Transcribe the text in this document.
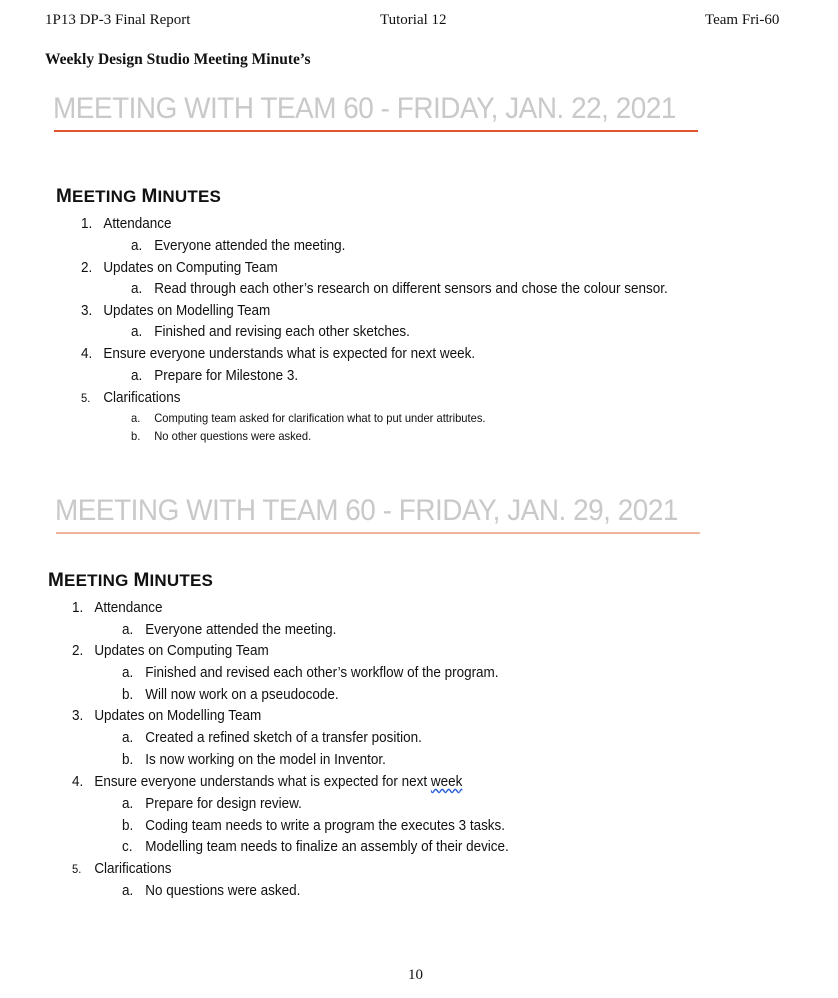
1P13 DP-3 Final Report	Tutorial 12	Team Fri-60
Weekly Design Studio Meeting Minute’s
MEETING WITH TEAM 60 - FRIDAY, JAN. 22, 2021
MEETING MINUTES
1. Attendance
a. Everyone attended the meeting.
2. Updates on Computing Team
a. Read through each other’s research on different sensors and chose the colour sensor.
3. Updates on Modelling Team
a. Finished and revising each other sketches.
4. Ensure everyone understands what is expected for next week.
a. Prepare for Milestone 3.
5. Clarifications
a. Computing team asked for clarification what to put under attributes.
b. No other questions were asked.
MEETING WITH TEAM 60 - FRIDAY, JAN. 29, 2021
MEETING MINUTES
1. Attendance
a. Everyone attended the meeting.
2. Updates on Computing Team
a. Finished and revised each other’s workflow of the program.
b. Will now work on a pseudocode.
3. Updates on Modelling Team
a. Created a refined sketch of a transfer position.
b. Is now working on the model in Inventor.
4. Ensure everyone understands what is expected for next week
a. Prepare for design review.
b. Coding team needs to write a program the executes 3 tasks.
c. Modelling team needs to finalize an assembly of their device.
5. Clarifications
a. No questions were asked.
10
